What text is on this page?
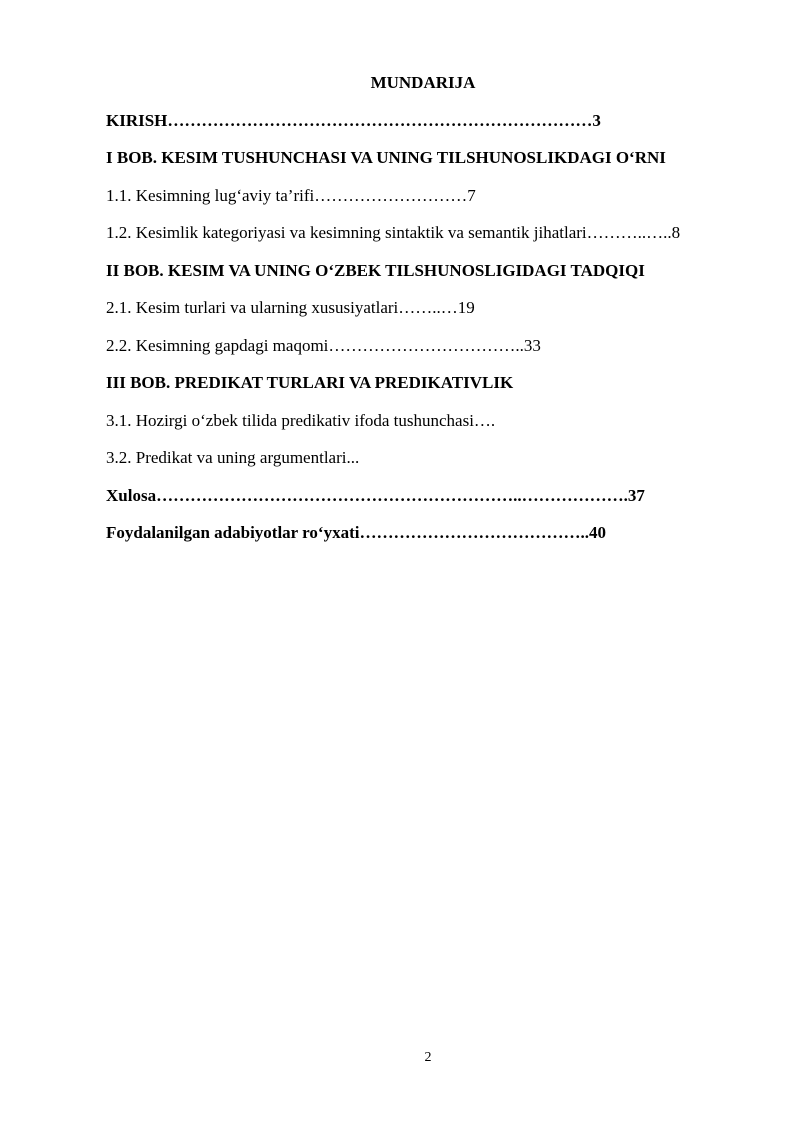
MUNDARIJA
KIRISH…………………………………………………………………3
I BOB. KESIM TUSHUNCHASI VA UNING TILSHUNOSLIKDAGI O‘RNI
1.1. Kesimning lug‘aviy ta’rifi………………………7
1.2. Kesimlik kategoriyasi va kesimning sintaktik va semantik jihatlari………..…..8
II BOB. KESIM VA UNING O‘ZBEK TILSHUNOSLIGIDAGI TADQIQI
2.1. Kesim turlari va ularning xususiyatlari……..…19
2.2. Kesimning gapdagi maqomi……………………………..33
III BOB. PREDIKAT TURLARI VA PREDIKATIVLIK
3.1. Hozirgi o‘zbek tilida predikativ ifoda tushunchasi….
3.2. Predikat va uning argumentlari...
Xulosa………………………………………………………..……………….37
Foydalanilgan adabiyotlar ro‘yxati…………………………………..40
2
